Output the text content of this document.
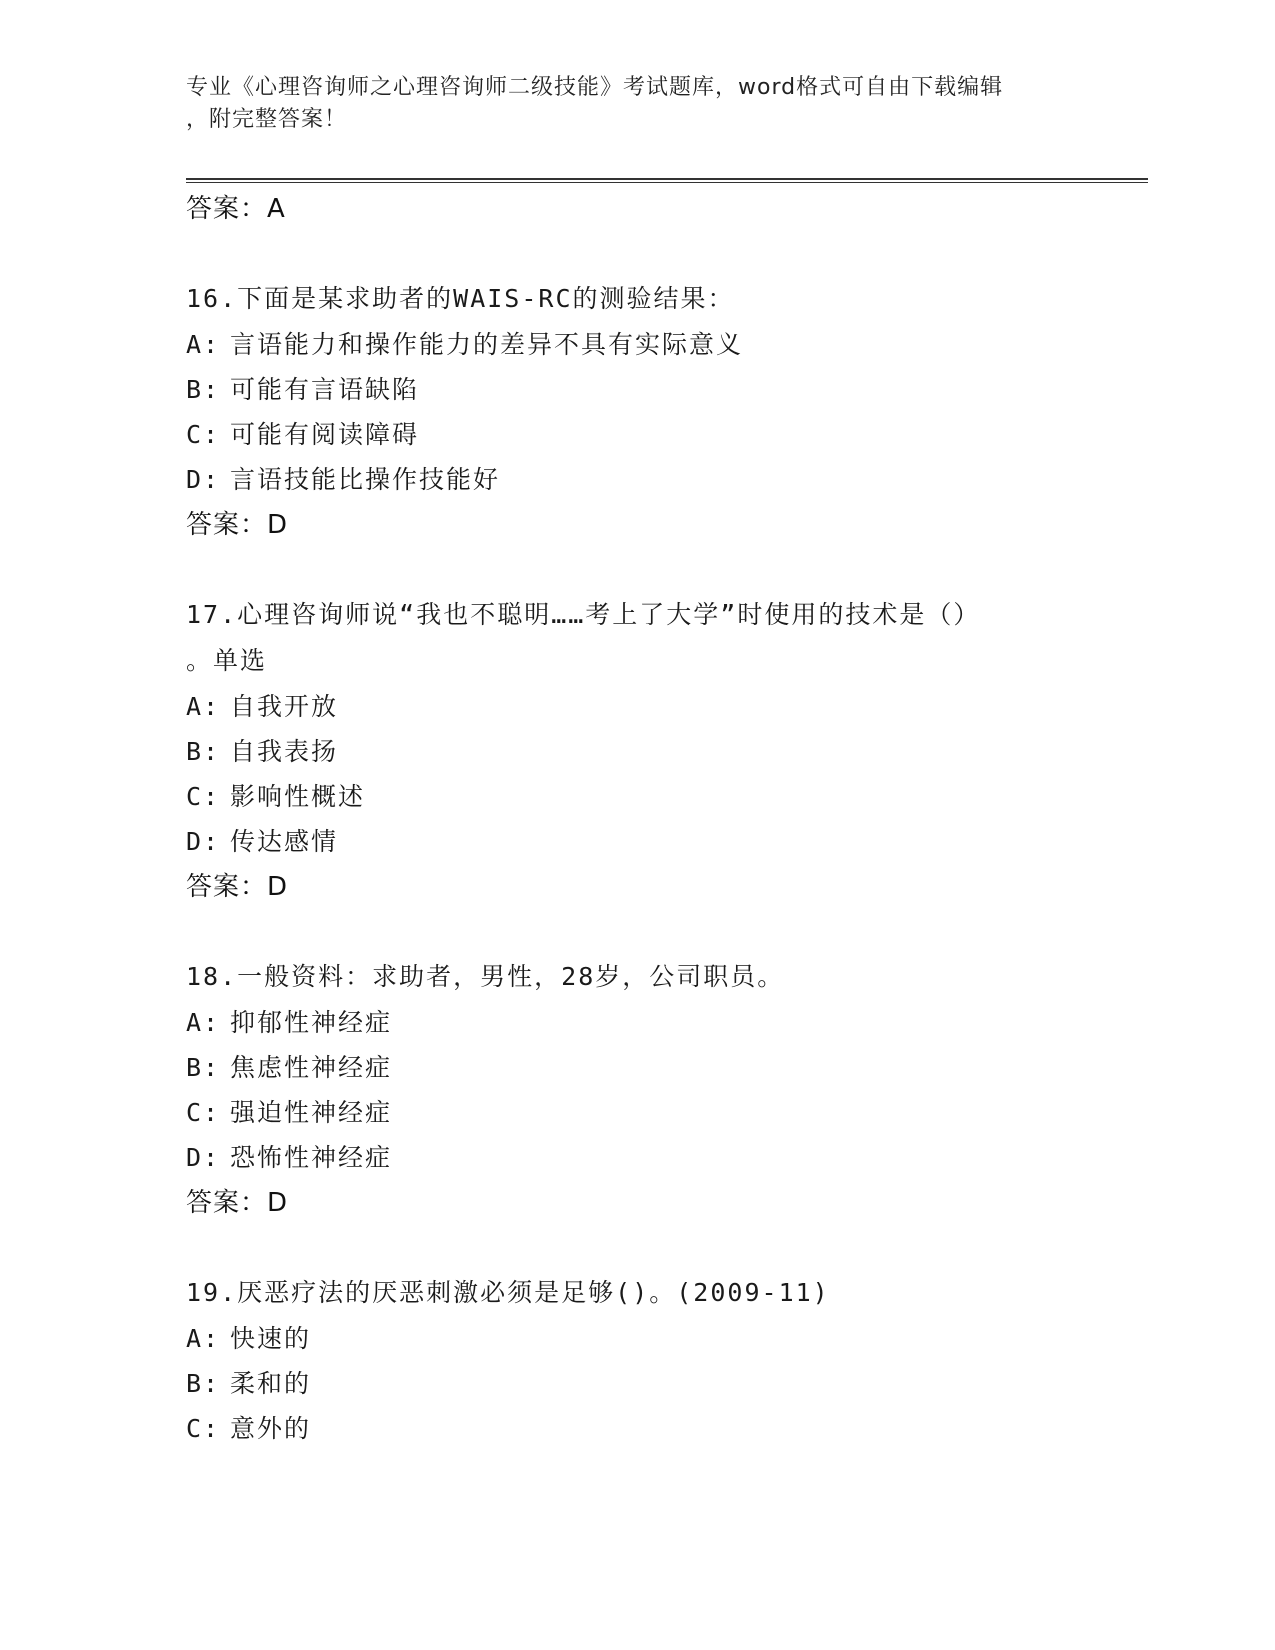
专业《心理咨询师之心理咨询师二级技能》考试题库，word格式可自由下载编辑
，附完整答案！
答案：A
16.下面是某求助者的WAIS-RC的测验结果：
A: 言语能力和操作能力的差异不具有实际意义
B: 可能有言语缺陷
C: 可能有阅读障碍
D: 言语技能比操作技能好
答案：D
17.心理咨询师说“我也不聪明……考上了大学”时使用的技术是（）
。单选
A: 自我开放
B: 自我表扬
C: 影响性概述
D: 传达感情
答案：D
18.一般资料：求助者，男性，28岁，公司职员。
A: 抑郁性神经症
B: 焦虑性神经症
C: 强迫性神经症
D: 恐怖性神经症
答案：D
19.厌恶疗法的厌恶刺激必须是足够()。(2009-11)
A: 快速的
B: 柔和的
C: 意外的
